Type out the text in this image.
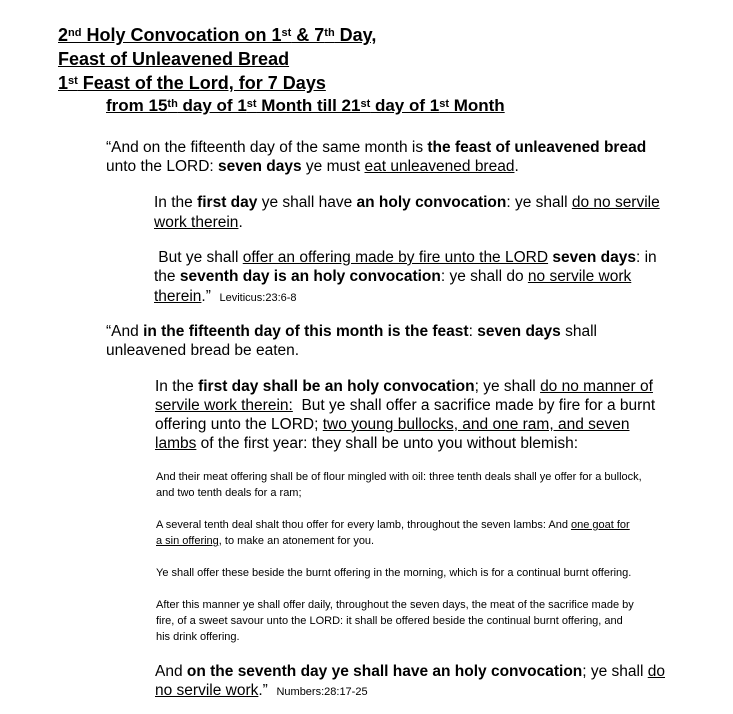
2nd Holy Convocation on 1st & 7th Day,
Feast of Unleavened Bread
1st Feast of the Lord, for 7 Days
from 15th day of 1st Month till 21st day of 1st Month
“And on the fifteenth day of the same month is the feast of unleavened bread
unto the LORD: seven days ye must eat unleavened bread.
In the first day ye shall have an holy convocation: ye shall do no servile
work therein.
But ye shall offer an offering made by fire unto the LORD seven days: in
the seventh day is an holy convocation: ye shall do no servile work
therein.” Leviticus:23:6-8
“And in the fifteenth day of this month is the feast: seven days shall
unleavened bread be eaten.
In the first day shall be an holy convocation; ye shall do no manner of
servile work therein:  But ye shall offer a sacrifice made by fire for a burnt
offering unto the LORD; two young bullocks, and one ram, and seven
lambs of the first year: they shall be unto you without blemish:
And their meat offering shall be of flour mingled with oil: three tenth deals shall ye offer for a bullock,
and two tenth deals for a ram;
A several tenth deal shalt thou offer for every lamb, throughout the seven lambs: And one goat for
a sin offering, to make an atonement for you.
Ye shall offer these beside the burnt offering in the morning, which is for a continual burnt offering.
After this manner ye shall offer daily, throughout the seven days, the meat of the sacrifice made by
fire, of a sweet savour unto the LORD: it shall be offered beside the continual burnt offering, and
his drink offering.
And on the seventh day ye shall have an holy convocation; ye shall do
no servile work.” Numbers:28:17-25
